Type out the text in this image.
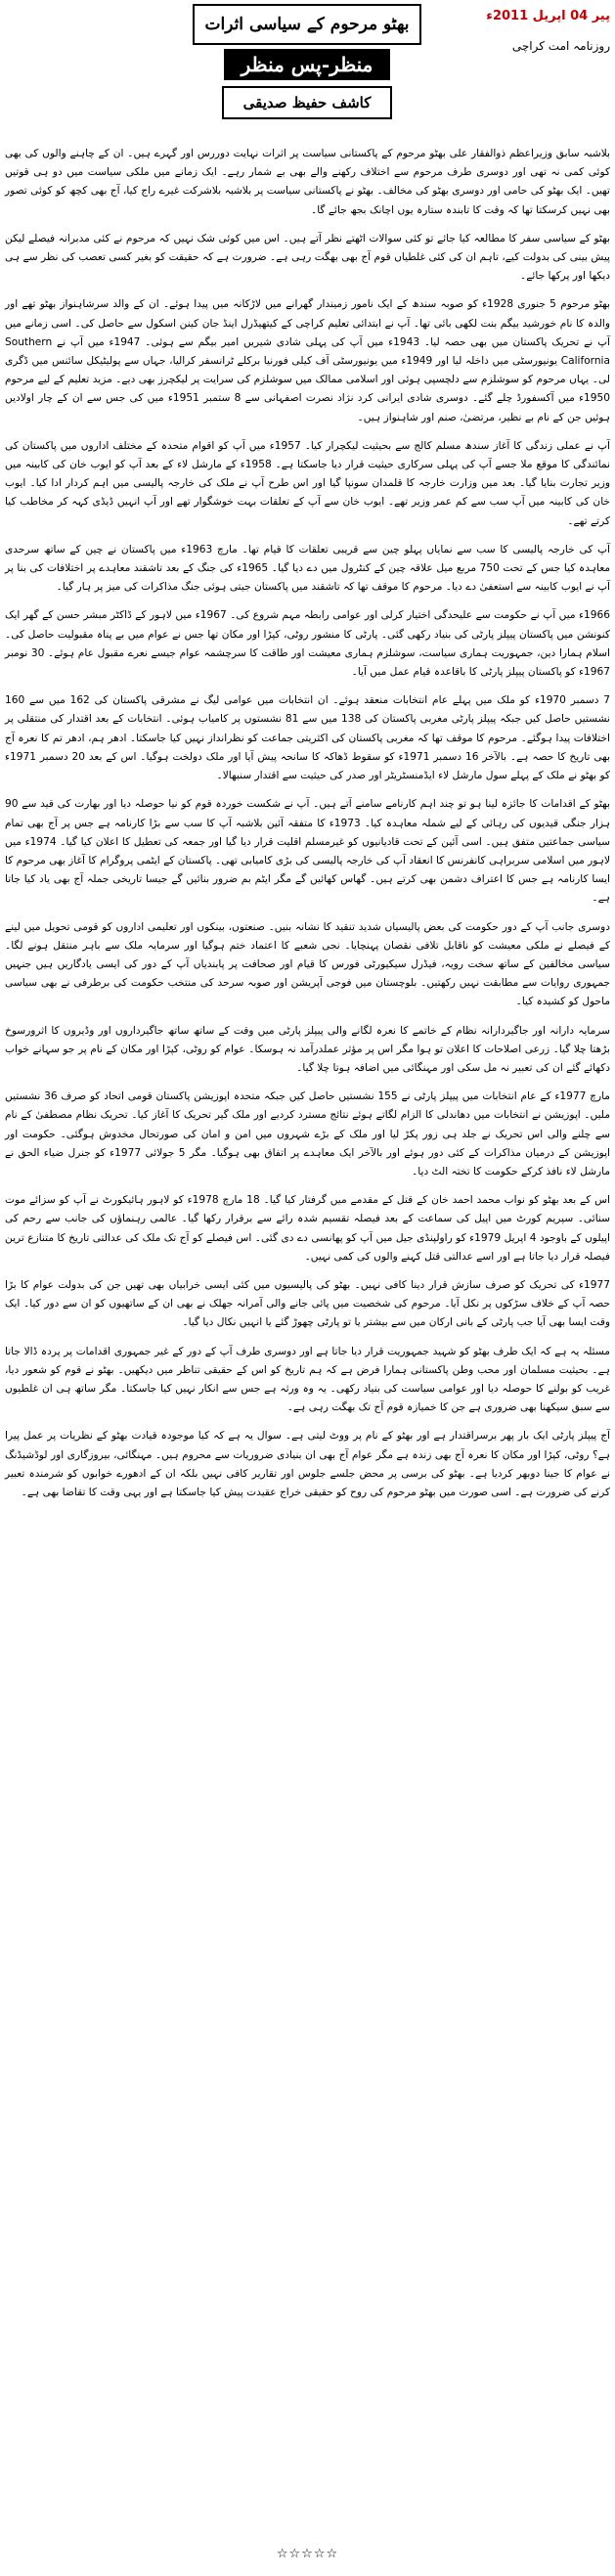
پیر 04 اپریل 2011ء
روزنامہ امت کراچی
بھٹو مرحوم کے سیاسی اثرات
منظر-پس منظر
کاشف حفیظ صدیقی

بلاشبہ سابق وزیراعظم ذوالفقار علی بھٹو مرحوم کے پاکستانی سیاست پر اثرات نہایت دوررس اور گہرے ہیں۔ ان کے چاہنے والوں کی بھی کوئی کمی نہ تھی اور دوسری طرف مرحوم سے اختلاف رکھنے والے بھی بے شمار رہے۔ ایک زمانے میں ملکی سیاست میں دو ہی قوتیں تھیں۔ ایک بھٹو کی حامی اور دوسری بھٹو کی مخالف۔ بھٹو نے پاکستانی سیاست پر بلاشبہ بلاشرکت غیرے راج کیا، آج بھی کچھ کو کوئی تصور بھی نہیں کرسکتا تھا کہ وقت کا تابندہ ستارہ یوں اچانک بجھ جائے گا۔

بھٹو کے سیاسی سفر کا مطالعہ کیا جائے تو کئی سوالات اٹھتے نظر آتے ہیں۔ اس میں کوئی شک نہیں کہ مرحوم نے کئی مدبرانہ فیصلے لیکن پیش بینی کی بدولت کیے، تاہم ان کی کئی غلطیاں قوم آج بھی بھگت رہی ہے۔ ضرورت ہے کہ حقیقت کو بغیر کسی تعصب کی نظر سے ہی دیکھا اور پرکھا جائے۔

بھٹو مرحوم 5 جنوری 1928ء کو صوبہ سندھ کے ایک نامور زمیندار گھرانے میں لاڑکانہ میں پیدا ہوئے۔ ان کے والد سرشاہنواز بھٹو تھے اور والدہ کا نام خورشید بیگم بنت لکھی بائی تھا۔ آپ نے ابتدائی تعلیم کراچی کے کیتھیڈرل اینڈ جان کینن اسکول سے حاصل کی۔ اسی زمانے میں آپ نے تحریک پاکستان میں بھی حصہ لیا۔ 1943ء میں آپ کی پہلی شادی شیریں امیر بیگم سے ہوئی۔ 1947ء میں آپ نے Southern California یونیورسٹی میں داخلہ لیا اور 1949ء میں یونیورسٹی آف کیلی فورنیا برکلے ٹرانسفر کرالیا، جہاں سے پولیٹیکل سائنس میں ڈگری لی۔ یہاں مرحوم کو سوشلزم سے دلچسپی ہوئی اور اسلامی ممالک میں سوشلزم کی سرایت پر لیکچرز بھی دیے۔ مزید تعلیم کے لیے مرحوم 1950ء میں آکسفورڈ چلے گئے۔ دوسری شادی ایرانی کرد نژاد نصرت اصفہانی سے 8 ستمبر 1951ء میں کی جس سے ان کے چار اولادیں ہوئیں جن کے نام بے نظیر، مرتضیٰ، صنم اور شاہنواز ہیں۔

آپ نے عملی زندگی کا آغاز سندھ مسلم کالج سے بحیثیت لیکچرار کیا۔ 1957ء میں آپ کو اقوام متحدہ کے مختلف اداروں میں پاکستان کی نمائندگی کا موقع ملا جسے آپ کی پہلی سرکاری حیثیت قرار دیا جاسکتا ہے۔ 1958ء کے مارشل لاء کے بعد آپ کو ایوب خان کی کابینہ میں وزیر تجارت بنایا گیا۔ بعد میں وزارت خارجہ کا قلمدان سونپا گیا اور اس طرح آپ نے ملک کی خارجہ پالیسی میں اہم کردار ادا کیا۔ ایوب خان کی کابینہ میں آپ سب سے کم عمر وزیر تھے۔ ایوب خان سے آپ کے تعلقات بہت خوشگوار تھے اور آپ انہیں ڈیڈی کہہ کر مخاطب کیا کرتے تھے۔

آپ کی خارجہ پالیسی کا سب سے نمایاں پہلو چین سے قریبی تعلقات کا قیام تھا۔ مارچ 1963ء میں پاکستان نے چین کے ساتھ سرحدی معاہدہ کیا جس کے تحت 750 مربع میل علاقہ چین کے کنٹرول میں دے دیا گیا۔ 1965ء کی جنگ کے بعد تاشقند معاہدے پر اختلافات کی بنا پر آپ نے ایوب کابینہ سے استعفیٰ دے دیا۔ مرحوم کا موقف تھا کہ تاشقند میں پاکستان جیتی ہوئی جنگ مذاکرات کی میز پر ہار گیا۔

1966ء میں آپ نے حکومت سے علیحدگی اختیار کرلی اور عوامی رابطہ مہم شروع کی۔ 1967ء میں لاہور کے ڈاکٹر مبشر حسن کے گھر ایک کنونشن میں پاکستان پیپلز پارٹی کی بنیاد رکھی گئی۔ پارٹی کا منشور روٹی، کپڑا اور مکان تھا جس نے عوام میں بے پناہ مقبولیت حاصل کی۔ اسلام ہمارا دین، جمہوریت ہماری سیاست، سوشلزم ہماری معیشت اور طاقت کا سرچشمہ عوام جیسے نعرے مقبول عام ہوئے۔ 30 نومبر 1967ء کو پاکستان پیپلز پارٹی کا باقاعدہ قیام عمل میں آیا۔

7 دسمبر 1970ء کو ملک میں پہلے عام انتخابات منعقد ہوئے۔ ان انتخابات میں عوامی لیگ نے مشرقی پاکستان کی 162 میں سے 160 نشستیں حاصل کیں جبکہ پیپلز پارٹی مغربی پاکستان کی 138 میں سے 81 نشستوں پر کامیاب ہوئی۔ انتخابات کے بعد اقتدار کی منتقلی پر اختلافات پیدا ہوگئے۔ مرحوم کا موقف تھا کہ مغربی پاکستان کی اکثریتی جماعت کو نظرانداز نہیں کیا جاسکتا۔ ادھر ہم، ادھر تم کا نعرہ آج بھی تاریخ کا حصہ ہے۔ بالآخر 16 دسمبر 1971ء کو سقوط ڈھاکہ کا سانحہ پیش آیا اور ملک دولخت ہوگیا۔ اس کے بعد 20 دسمبر 1971ء کو بھٹو نے ملک کے پہلے سول مارشل لاء ایڈمنسٹریٹر اور صدر کی حیثیت سے اقتدار سنبھالا۔

بھٹو کے اقدامات کا جائزہ لینا ہو تو چند اہم کارنامے سامنے آتے ہیں۔ آپ نے شکست خوردہ قوم کو نیا حوصلہ دیا اور بھارت کی قید سے 90 ہزار جنگی قیدیوں کی رہائی کے لیے شملہ معاہدہ کیا۔ 1973ء کا متفقہ آئین بلاشبہ آپ کا سب سے بڑا کارنامہ ہے جس پر آج بھی تمام سیاسی جماعتیں متفق ہیں۔ اسی آئین کے تحت قادیانیوں کو غیرمسلم اقلیت قرار دیا گیا اور جمعہ کی تعطیل کا اعلان کیا گیا۔ 1974ء میں لاہور میں اسلامی سربراہی کانفرنس کا انعقاد آپ کی خارجہ پالیسی کی بڑی کامیابی تھی۔ پاکستان کے ایٹمی پروگرام کا آغاز بھی مرحوم کا ایسا کارنامہ ہے جس کا اعتراف دشمن بھی کرتے ہیں۔ گھاس کھائیں گے مگر ایٹم بم ضرور بنائیں گے جیسا تاریخی جملہ آج بھی یاد کیا جاتا ہے۔

دوسری جانب آپ کے دور حکومت کی بعض پالیسیاں شدید تنقید کا نشانہ بنیں۔ صنعتوں، بینکوں اور تعلیمی اداروں کو قومی تحویل میں لینے کے فیصلے نے ملکی معیشت کو ناقابل تلافی نقصان پہنچایا۔ نجی شعبے کا اعتماد ختم ہوگیا اور سرمایہ ملک سے باہر منتقل ہونے لگا۔ سیاسی مخالفین کے ساتھ سخت رویہ، فیڈرل سیکیورٹی فورس کا قیام اور صحافت پر پابندیاں آپ کے دور کی ایسی یادگاریں ہیں جنہیں جمہوری روایات سے مطابقت نہیں رکھتیں۔ بلوچستان میں فوجی آپریشن اور صوبہ سرحد کی منتخب حکومت کی برطرفی نے بھی سیاسی ماحول کو کشیدہ کیا۔

سرمایہ دارانہ اور جاگیردارانہ نظام کے خاتمے کا نعرہ لگانے والی پیپلز پارٹی میں وقت کے ساتھ ساتھ جاگیرداروں اور وڈیروں کا اثرورسوخ بڑھتا چلا گیا۔ زرعی اصلاحات کا اعلان تو ہوا مگر اس پر مؤثر عملدرآمد نہ ہوسکا۔ عوام کو روٹی، کپڑا اور مکان کے نام پر جو سہانے خواب دکھائے گئے ان کی تعبیر نہ مل سکی اور مہنگائی میں اضافہ ہوتا چلا گیا۔

مارچ 1977ء کے عام انتخابات میں پیپلز پارٹی نے 155 نشستیں حاصل کیں جبکہ متحدہ اپوزیشن پاکستان قومی اتحاد کو صرف 36 نشستیں ملیں۔ اپوزیشن نے انتخابات میں دھاندلی کا الزام لگاتے ہوئے نتائج مسترد کردیے اور ملک گیر تحریک کا آغاز کیا۔ تحریک نظام مصطفیٰ کے نام سے چلنے والی اس تحریک نے جلد ہی زور پکڑ لیا اور ملک کے بڑے شہروں میں امن و امان کی صورتحال مخدوش ہوگئی۔ حکومت اور اپوزیشن کے درمیان مذاکرات کے کئی دور ہوئے اور بالآخر ایک معاہدے پر اتفاق بھی ہوگیا۔ مگر 5 جولائی 1977ء کو جنرل ضیاء الحق نے مارشل لاء نافذ کرکے حکومت کا تختہ الٹ دیا۔

اس کے بعد بھٹو کو نواب محمد احمد خان کے قتل کے مقدمے میں گرفتار کیا گیا۔ 18 مارچ 1978ء کو لاہور ہائیکورٹ نے آپ کو سزائے موت سنائی۔ سپریم کورٹ میں اپیل کی سماعت کے بعد فیصلہ تقسیم شدہ رائے سے برقرار رکھا گیا۔ عالمی رہنماؤں کی جانب سے رحم کی اپیلوں کے باوجود 4 اپریل 1979ء کو راولپنڈی جیل میں آپ کو پھانسی دے دی گئی۔ اس فیصلے کو آج تک ملک کی عدالتی تاریخ کا متنازع ترین فیصلہ قرار دیا جاتا ہے اور اسے عدالتی قتل کہنے والوں کی کمی نہیں۔

1977ء کی تحریک کو صرف سازش قرار دینا کافی نہیں۔ بھٹو کی پالیسیوں میں کئی ایسی خرابیاں بھی تھیں جن کی بدولت عوام کا بڑا حصہ آپ کے خلاف سڑکوں پر نکل آیا۔ مرحوم کی شخصیت میں پائی جانے والی آمرانہ جھلک نے بھی ان کے ساتھیوں کو ان سے دور کیا۔ ایک وقت ایسا بھی آیا جب پارٹی کے بانی ارکان میں سے بیشتر یا تو پارٹی چھوڑ گئے یا انہیں نکال دیا گیا۔

مسئلہ یہ ہے کہ ایک طرف بھٹو کو شہید جمہوریت قرار دیا جاتا ہے اور دوسری طرف آپ کے دور کے غیر جمہوری اقدامات پر پردہ ڈالا جاتا ہے۔ بحیثیت مسلمان اور محب وطن پاکستانی ہمارا فرض ہے کہ ہم تاریخ کو اس کے حقیقی تناظر میں دیکھیں۔ بھٹو نے قوم کو شعور دیا، غریب کو بولنے کا حوصلہ دیا اور عوامی سیاست کی بنیاد رکھی۔ یہ وہ ورثہ ہے جس سے انکار نہیں کیا جاسکتا۔ مگر ساتھ ہی ان غلطیوں سے سبق سیکھنا بھی ضروری ہے جن کا خمیازہ قوم آج تک بھگت رہی ہے۔

آج پیپلز پارٹی ایک بار پھر برسراقتدار ہے اور بھٹو کے نام پر ووٹ لیتی ہے۔ سوال یہ ہے کہ کیا موجودہ قیادت بھٹو کے نظریات پر عمل پیرا ہے؟ روٹی، کپڑا اور مکان کا نعرہ آج بھی زندہ ہے مگر عوام آج بھی ان بنیادی ضروریات سے محروم ہیں۔ مہنگائی، بیروزگاری اور لوڈشیڈنگ نے عوام کا جینا دوبھر کردیا ہے۔ بھٹو کی برسی پر محض جلسے جلوس اور تقاریر کافی نہیں بلکہ ان کے ادھورے خوابوں کو شرمندہ تعبیر کرنے کی ضرورت ہے۔ اسی صورت میں بھٹو مرحوم کی روح کو حقیقی خراج عقیدت پیش کیا جاسکتا ہے اور یہی وقت کا تقاضا بھی ہے۔

☆☆☆☆☆
